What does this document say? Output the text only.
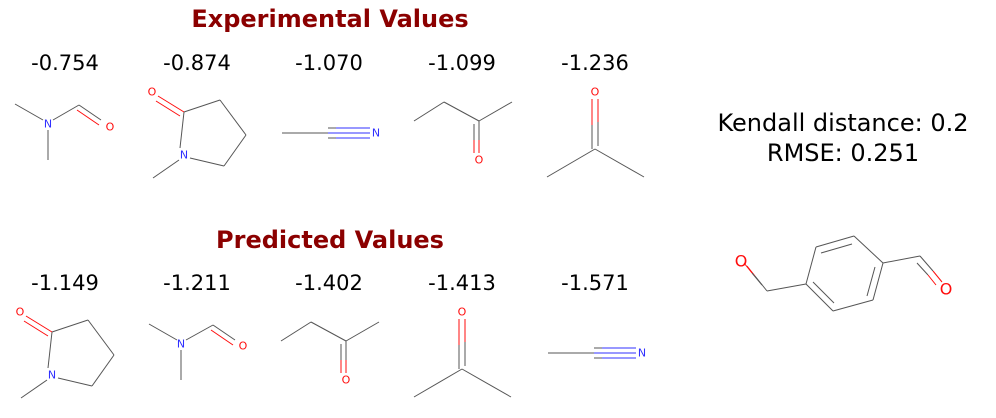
Experimental Values
-0.754	-0.874	-1.070	-1.099	-1.236
N	O
O
N
N
O
O
Kendall distance: 0.2
RMSE: 0.251
Predicted Values
-1.149	-1.211	-1.402	-1.413	-1.571
O
N
N	O
O
O
N
O
O
